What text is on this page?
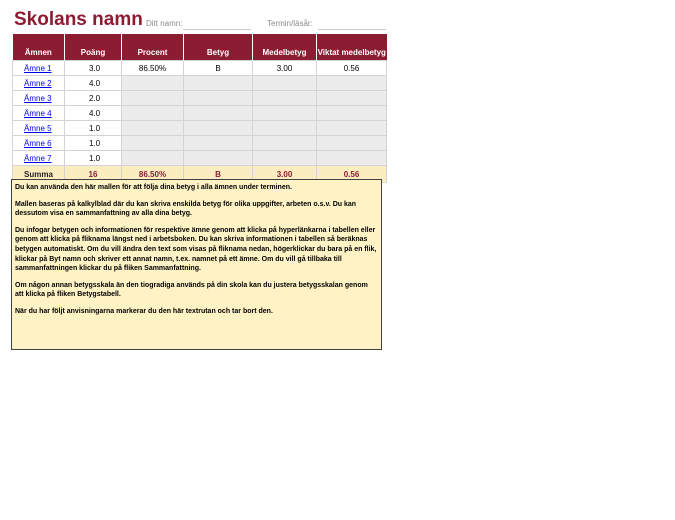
Skolans namn Ditt namn:	Termin/läsår:
Ämnen	Poäng	Procent	Betyg	Medelbetyg	Viktat medelbetyg
Ämne 1	3.0	86.50%	B	3.00	0.56
Ämne 2	4.0				
Ämne 3	2.0				
Ämne 4	4.0				
Ämne 5	1.0				
Ämne 6	1.0				
Ämne 7	1.0				
Summa	16	86.50%	B	3.00	0.56

Du kan använda den här mallen för att följa dina betyg i alla ämnen under terminen.

Mallen baseras på kalkylblad där du kan skriva enskilda betyg för olika uppgifter, arbeten o.s.v. Du kan dessutom visa en sammanfattning av alla dina betyg.

Du infogar betygen och informationen för respektive ämne genom att klicka på hyperlänkarna i tabellen eller genom att klicka på fliknama längst ned i arbetsboken. Du kan skriva informationen i tabellen så beräknas betygen automatiskt. Om du vill ändra den text som visas på fliknama nedan, högerklickar du bara på en flik, klickar på Byt namn och skriver ett annat namn, t.ex. namnet på ett ämne. Om du vill gå tillbaka till sammanfattningen klickar du på fliken Sammanfattning.

Om någon annan betygsskala än den tiogradiga används på din skola kan du justera betygsskalan genom att klicka på fliken Betygstabell.

När du har följt anvisningarna markerar du den här textrutan och tar bort den.
